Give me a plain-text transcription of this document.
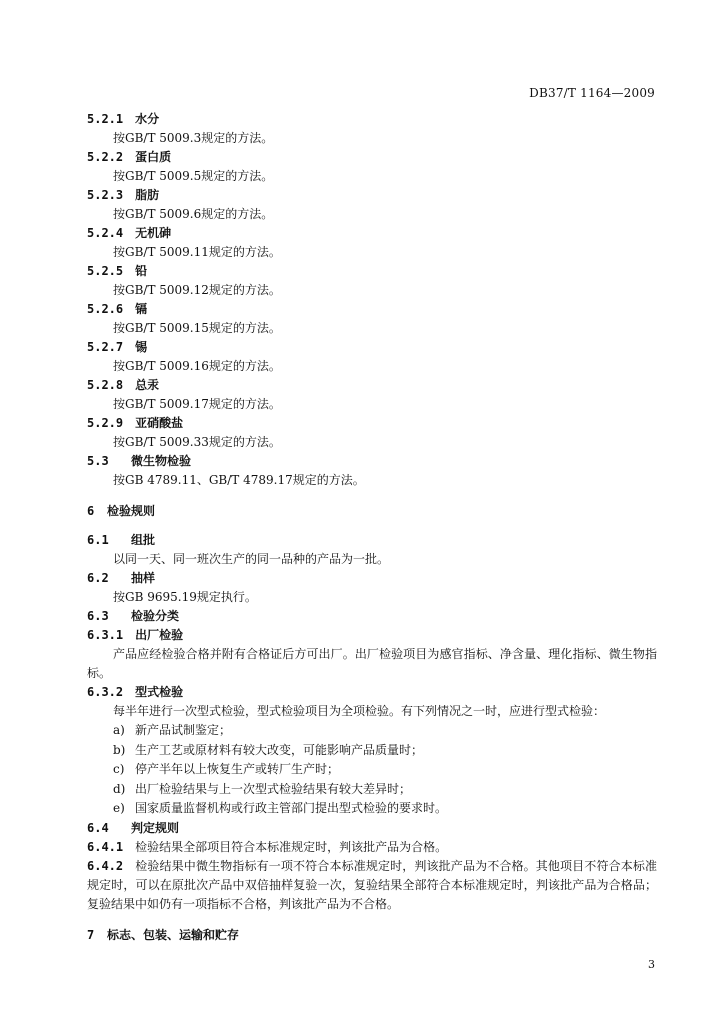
DB37/T 1164—2009
5.2.1 水分
按GB/T 5009.3规定的方法。
5.2.2 蛋白质
按GB/T 5009.5规定的方法。
5.2.3 脂肪
按GB/T 5009.6规定的方法。
5.2.4 无机砷
按GB/T 5009.11规定的方法。
5.2.5 铅
按GB/T 5009.12规定的方法。
5.2.6 镉
按GB/T 5009.15规定的方法。
5.2.7 锡
按GB/T 5009.16规定的方法。
5.2.8 总汞
按GB/T 5009.17规定的方法。
5.2.9 亚硝酸盐
按GB/T 5009.33规定的方法。
5.3 微生物检验
按GB 4789.11、GB/T 4789.17规定的方法。
6 检验规则
6.1 组批
以同一天、同一班次生产的同一品种的产品为一批。
6.2 抽样
按GB 9695.19规定执行。
6.3 检验分类
6.3.1 出厂检验
产品应经检验合格并附有合格证后方可出厂。出厂检验项目为感官指标、净含量、理化指标、微生物指标。
6.3.2 型式检验
每半年进行一次型式检验，型式检验项目为全项检验。有下列情况之一时，应进行型式检验：
a) 新产品试制鉴定；
b) 生产工艺或原材料有较大改变，可能影响产品质量时；
c) 停产半年以上恢复生产或转厂生产时；
d) 出厂检验结果与上一次型式检验结果有较大差异时；
e) 国家质量监督机构或行政主管部门提出型式检验的要求时。
6.4 判定规则
6.4.1 检验结果全部项目符合本标准规定时，判该批产品为合格。
6.4.2 检验结果中微生物指标有一项不符合本标准规定时，判该批产品为不合格。其他项目不符合本标准规定时，可以在原批次产品中双倍抽样复验一次，复验结果全部符合本标准规定时，判该批产品为合格品；复验结果中如仍有一项指标不合格，判该批产品为不合格。
7 标志、包装、运输和贮存
3
